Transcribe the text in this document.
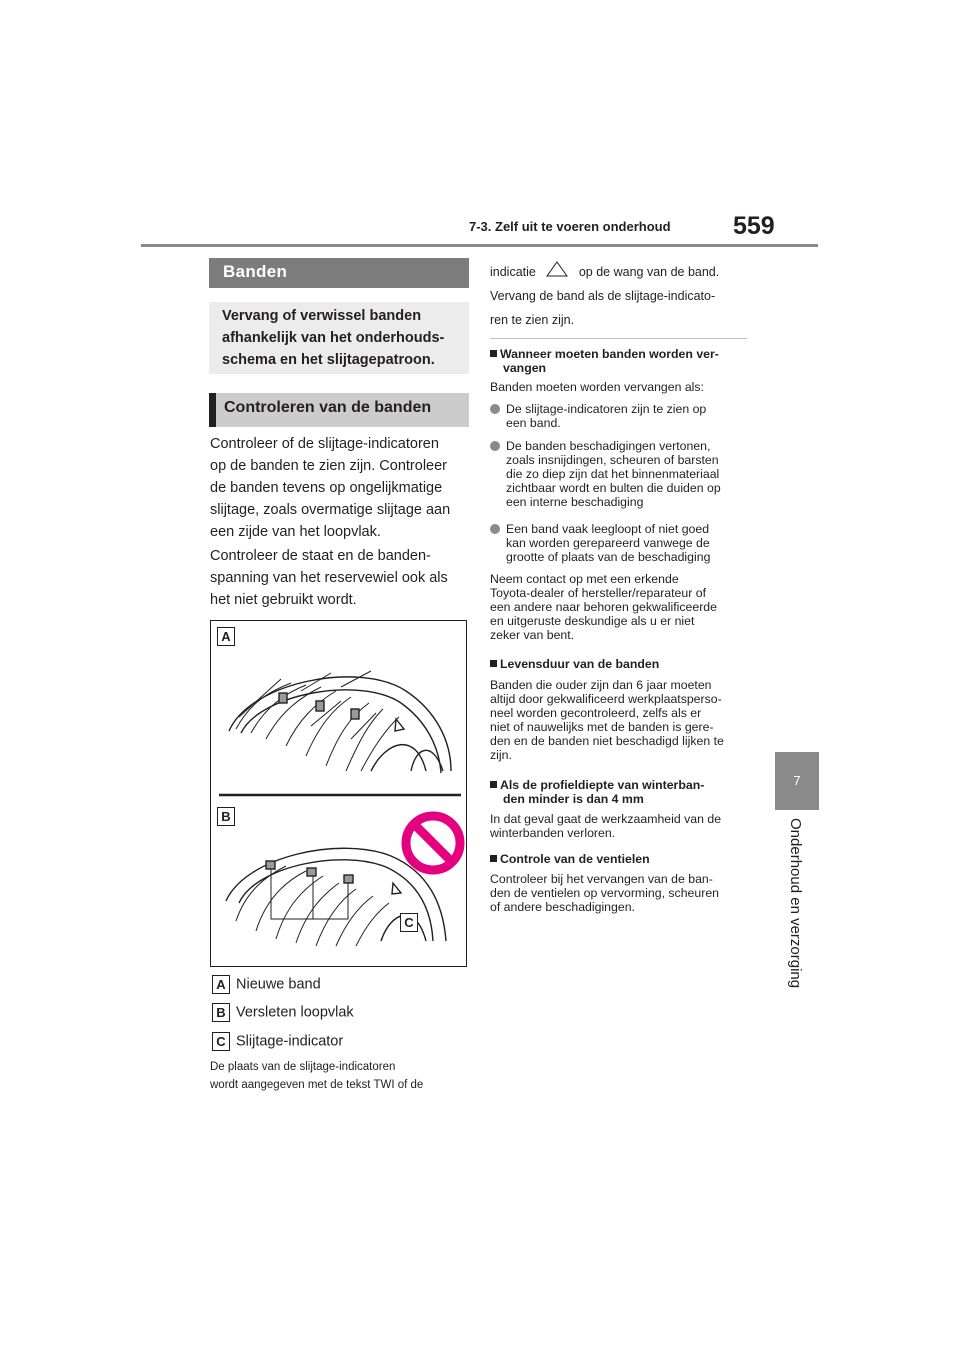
7-3. Zelf uit te voeren onderhoud 559
7
Onderhoud en verzorging
Banden
Vervang of verwissel banden afhankelijk van het onderhouds-schema en het slijtagepatroon.
Controleren van de banden
Controleer of de slijtage-indicatoren
op de banden te zien zijn. Controleer
de banden tevens op ongelijkmatige
slijtage, zoals overmatige slijtage aan
een zijde van het loopvlak.
Controleer de staat en de banden-
spanning van het reservewiel ook als
het niet gebruikt wordt.
A
B
C
A Nieuwe band
B Versleten loopvlak
C Slijtage-indicator
De plaats van de slijtage-indicatoren
wordt aangegeven met de tekst TWI of de
indicatie	op de wang van de band.
Vervang de band als de slijtage-indicato-
ren te zien zijn.
Wanneer moeten banden worden ver-
vangen
Banden moeten worden vervangen als:
De slijtage-indicatoren zijn te zien op
een band.
De banden beschadigingen vertonen,
zoals insnijdingen, scheuren of barsten
die zo diep zijn dat het binnenmateriaal
zichtbaar wordt en bulten die duiden op
een interne beschadiging
Een band vaak leegloopt of niet goed
kan worden gerepareerd vanwege de
grootte of plaats van de beschadiging
Neem contact op met een erkende
Toyota-dealer of hersteller/reparateur of
een andere naar behoren gekwalificeerde
en uitgeruste deskundige als u er niet
zeker van bent.
Levensduur van de banden
Banden die ouder zijn dan 6 jaar moeten
altijd door gekwalificeerd werkplaatsperso-
neel worden gecontroleerd, zelfs als er
niet of nauwelijks met de banden is gere-
den en de banden niet beschadigd lijken te
zijn.
Als de profieldiepte van winterban-
den minder is dan 4 mm
In dat geval gaat de werkzaamheid van de
winterbanden verloren.
Controle van de ventielen
Controleer bij het vervangen van de ban-
den de ventielen op vervorming, scheuren
of andere beschadigingen.
